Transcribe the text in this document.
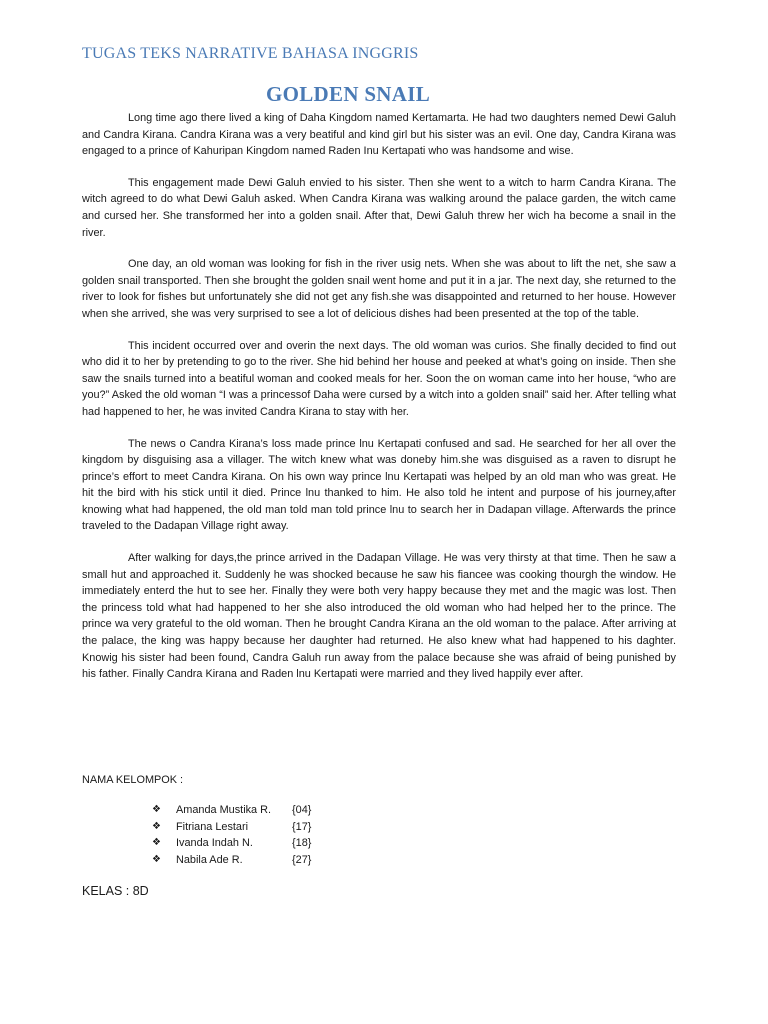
TUGAS TEKS NARRATIVE BAHASA INGGRIS
GOLDEN SNAIL

Long time ago there lived a king of Daha Kingdom named Kertamarta. He had two daughters nemed Dewi Galuh and Candra Kirana. Candra Kirana was a very beatiful and kind girl but his sister was an evil. One day, Candra Kirana was engaged to a prince of Kahuripan Kingdom named Raden Inu Kertapati who was handsome and wise.

This engagement made Dewi Galuh envied to his sister. Then she went to a witch to harm Candra Kirana. The witch agreed to do what Dewi Galuh asked. When Candra Kirana was walking around the palace garden, the witch came and cursed her. She transformed her into a golden snail. After that, Dewi Galuh threw her wich ha become a snail in the river.

One day, an old woman was looking for fish in the river usig nets. When she was about to lift the net, she saw a golden snail transported. Then she brought the golden snail went home and put it in a jar. The next day, she returned to the river to look for fishes but unfortunately she did not get any fish.she was disappointed and returned to her house. However when she arrived, she was very surprised to see a lot of delicious dishes had been presented at the top of the table.

This incident occurred over and overin the next days. The old woman was curios. She finally decided to find out who did it to her by pretending to go to the river. She hid behind her house and peeked at what’s going on inside. Then she saw the snails turned into a beatiful woman and cooked meals for her. Soon the on woman came into her house, “who are you?” Asked the old woman “I was a princessof Daha were cursed by a witch into a golden snail” said her. After telling what had happened to her, he was invited Candra Kirana to stay with her.

The news o Candra Kirana’s loss made prince lnu Kertapati confused and sad. He searched for her all over the kingdom by disguising asa a villager. The witch knew what was doneby him.she was disguised as a raven to disrupt he prince’s effort to meet Candra Kirana. On his own way prince lnu Kertapati was helped by an old man who was great. He hit the bird with his stick until it died. Prince lnu thanked to him. He also told he intent and purpose of his journey,after knowing what had happened, the old man told man told prince lnu to search her in Dadapan village. Afterwards the prince traveled to the Dadapan Village right away.

After walking for days,the prince arrived in the Dadapan Village. He was very thirsty at that time. Then he saw a small hut and approached it. Suddenly he was shocked because he saw his fiancee was cooking thourgh the window. He immediately enterd the hut to see her. Finally they were both very happy because they met and the magic was lost. Then the princess told what had happened to her she also introduced the old woman who had helped her to the prince. The prince wa very grateful to the old woman. Then he brought Candra Kirana an the old woman to the palace. After arriving at the palace, the king was happy because her daughter had returned. He also knew what had happened to his daghter. Knowig his sister had been found, Candra Galuh run away from the palace because she was afraid of being punished by his father. Finally Candra Kirana and Raden lnu Kertapati were married and they lived happily ever after.

NAMA KELOMPOK :
❖ Amanda Mustika R. {04}
❖ Fitriana Lestari	{17}
❖ Ivanda Indah N.	{18}
❖ Nabila Ade R.	{27}
KELAS : 8D
